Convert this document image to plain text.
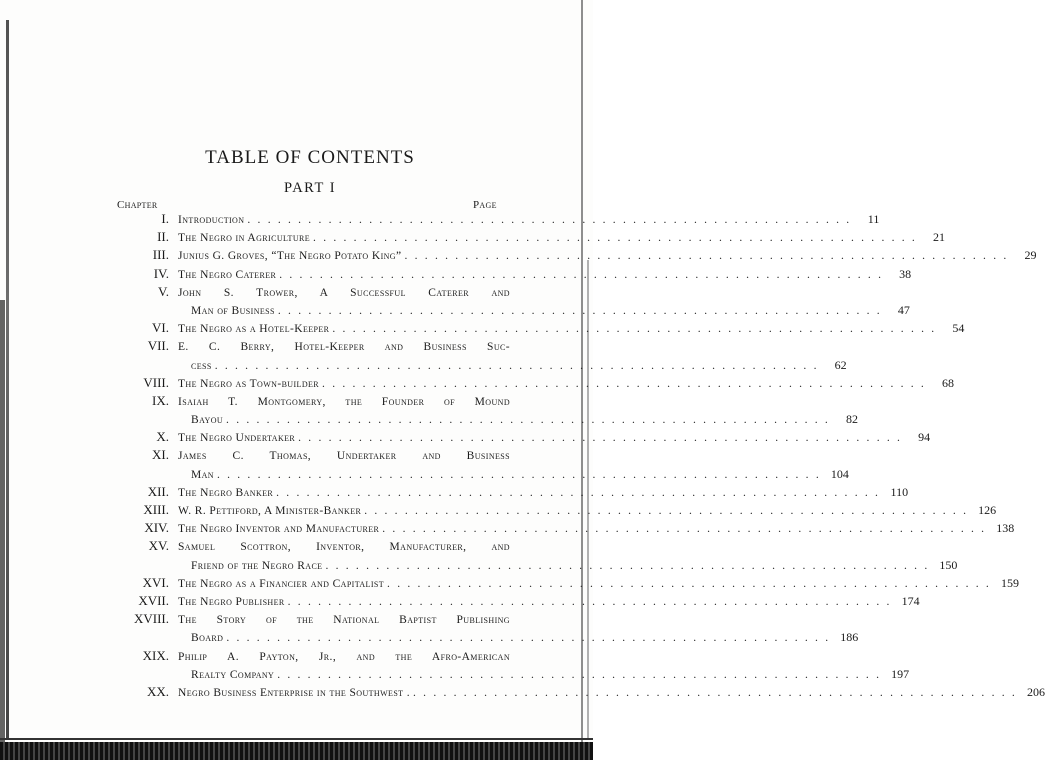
TABLE OF CONTENTS
PART I
Chapter	Page
I. Introduction . . . . . . . . . . . . . . . . . . . . . . . . . . . . . . . . . . . . . . . . . . . . . . . . . . . . . . . . . . . .	11
II. The Negro in Agriculture . . . . . . . . . . . . . . . . . . . . . . . . . . . . . . . . . . . . . . . . . . . . . . . . . . . . . . . . . . . .	21
III. Junius G. Groves, “The Negro Potato King” . . . . . . . . . . . . . . . . . . . . . . . . . . . . . . . . . . . . . . . . . . . . . . . . . . . . . . . . . . . .	29
IV. The Negro Caterer . . . . . . . . . . . . . . . . . . . . . . . . . . . . . . . . . . . . . . . . . . . . . . . . . . . . . . . . . . . .	38
V. John S. Trower, A Successful Caterer and
Man of Business . . . . . . . . . . . . . . . . . . . . . . . . . . . . . . . . . . . . . . . . . . . . . . . . . . . . . . . . . . . .	47
VI. The Negro as a Hotel-Keeper . . . . . . . . . . . . . . . . . . . . . . . . . . . . . . . . . . . . . . . . . . . . . . . . . . . . . . . . . . . .	54
VII. E. C. Berry, Hotel-Keeper and Business Suc-
cess . . . . . . . . . . . . . . . . . . . . . . . . . . . . . . . . . . . . . . . . . . . . . . . . . . . . . . . . . . . .	62
VIII. The Negro as Town-builder . . . . . . . . . . . . . . . . . . . . . . . . . . . . . . . . . . . . . . . . . . . . . . . . . . . . . . . . . . . .	68
IX. Isaiah T. Montgomery, the Founder of Mound
Bayou . . . . . . . . . . . . . . . . . . . . . . . . . . . . . . . . . . . . . . . . . . . . . . . . . . . . . . . . . . . .	82
X. The Negro Undertaker . . . . . . . . . . . . . . . . . . . . . . . . . . . . . . . . . . . . . . . . . . . . . . . . . . . . . . . . . . . .	94
XI. James C. Thomas, Undertaker and Business
Man . . . . . . . . . . . . . . . . . . . . . . . . . . . . . . . . . . . . . . . . . . . . . . . . . . . . . . . . . . . . 104
XII. The Negro Banker . . . . . . . . . . . . . . . . . . . . . . . . . . . . . . . . . . . . . . . . . . . . . . . . . . . . . . . . . . . . 110
XIII. W. R. Pettiford, A Minister-Banker . . . . . . . . . . . . . . . . . . . . . . . . . . . . . . . . . . . . . . . . . . . . . . . . . . . . . . . . . . . . 126
XIV. The Negro Inventor and Manufacturer . . . . . . . . . . . . . . . . . . . . . . . . . . . . . . . . . . . . . . . . . . . . . . . . . . . . . . . . . . . . 138
XV. Samuel Scottron, Inventor, Manufacturer, and
Friend of the Negro Race . . . . . . . . . . . . . . . . . . . . . . . . . . . . . . . . . . . . . . . . . . . . . . . . . . . . . . . . . . . . 150
XVI. The Negro as a Financier and Capitalist . . . . . . . . . . . . . . . . . . . . . . . . . . . . . . . . . . . . . . . . . . . . . . . . . . . . . . . . . . . . 159
XVII. The Negro Publisher . . . . . . . . . . . . . . . . . . . . . . . . . . . . . . . . . . . . . . . . . . . . . . . . . . . . . . . . . . . . 174
XVIII. The Story of the National Baptist Publishing
Board . . . . . . . . . . . . . . . . . . . . . . . . . . . . . . . . . . . . . . . . . . . . . . . . . . . . . . . . . . . . 186
XIX. Philip A. Payton, Jr., and the Afro-American
Realty Company . . . . . . . . . . . . . . . . . . . . . . . . . . . . . . . . . . . . . . . . . . . . . . . . . . . . . . . . . . . . 197
XX. Negro Business Enterprise in the Southwest . . . . . . . . . . . . . . . . . . . . . . . . . . . . . . . . . . . . . . . . . . . . . . . . . . . . . . . . . . . . . 206
